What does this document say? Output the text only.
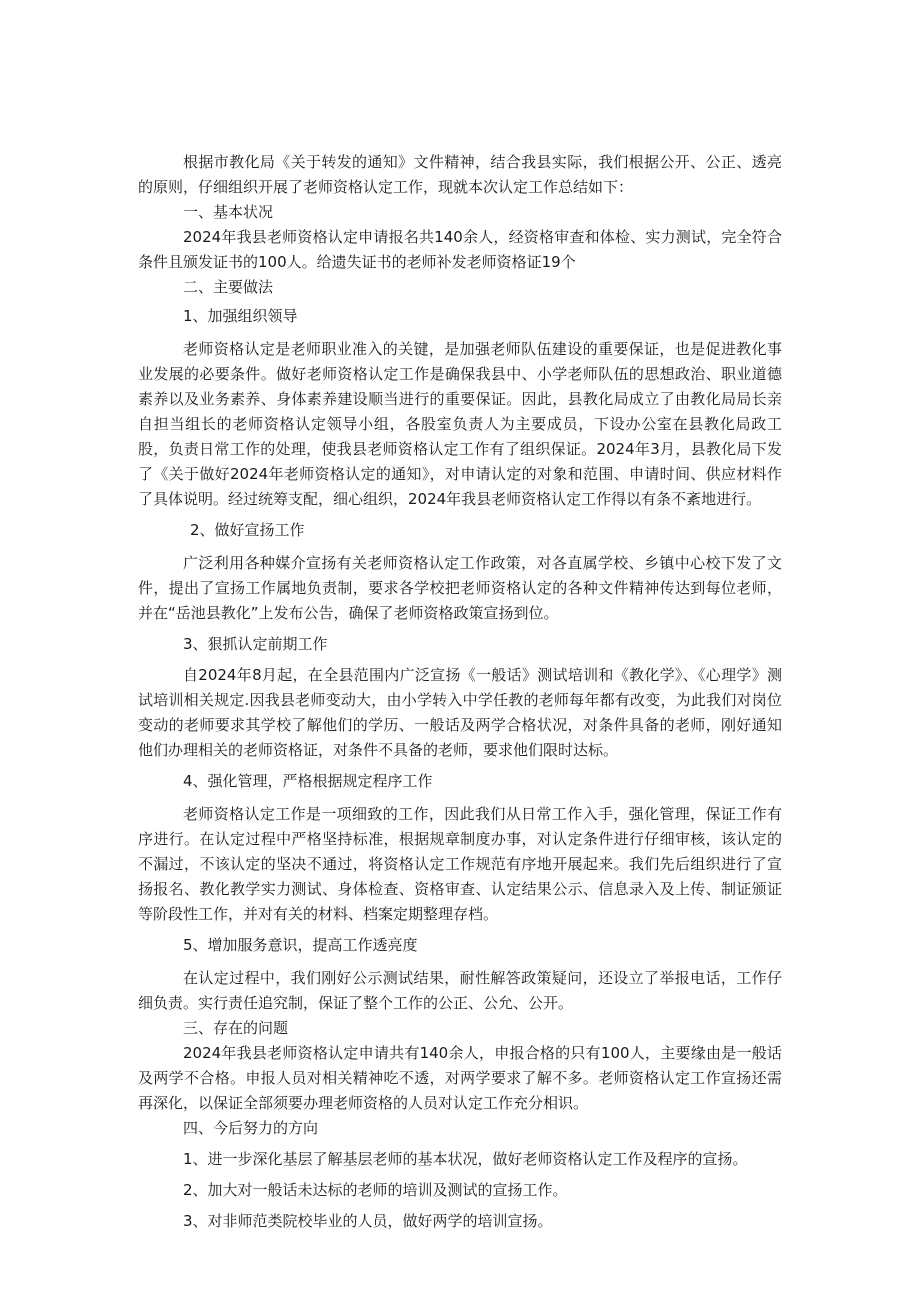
根据市教化局《关于转发的通知》文件精神，结合我县实际，我们根据公开、公正、透亮的原则，仔细组织开展了老师资格认定工作，现就本次认定工作总结如下：

一、基本状况

2024年我县老师资格认定申请报名共140余人，经资格审查和体检、实力测试，完全符合条件且颁发证书的100人。给遗失证书的老师补发老师资格证19个

二、主要做法

1、加强组织领导

老师资格认定是老师职业准入的关键，是加强老师队伍建设的重要保证，也是促进教化事业发展的必要条件。做好老师资格认定工作是确保我县中、小学老师队伍的思想政治、职业道德素养以及业务素养、身体素养建设顺当进行的重要保证。因此，县教化局成立了由教化局局长亲自担当组长的老师资格认定领导小组，各股室负责人为主要成员，下设办公室在县教化局政工股，负责日常工作的处理，使我县老师资格认定工作有了组织保证。2024年3月，县教化局下发了《关于做好2024年老师资格认定的通知》，对申请认定的对象和范围、申请时间、供应材料作了具体说明。经过统筹支配，细心组织，2024年我县老师资格认定工作得以有条不紊地进行。

2、做好宣扬工作

广泛利用各种媒介宣扬有关老师资格认定工作政策，对各直属学校、乡镇中心校下发了文件，提出了宣扬工作属地负责制，要求各学校把老师资格认定的各种文件精神传达到每位老师，并在“岳池县教化”上发布公告，确保了老师资格政策宣扬到位。

3、狠抓认定前期工作

自2024年8月起，在全县范围内广泛宣扬《一般话》测试培训和《教化学》、《心理学》测试培训相关规定.因我县老师变动大，由小学转入中学任教的老师每年都有改变，为此我们对岗位变动的老师要求其学校了解他们的学历、一般话及两学合格状况，对条件具备的老师，刚好通知他们办理相关的老师资格证，对条件不具备的老师，要求他们限时达标。

4、强化管理，严格根据规定程序工作

老师资格认定工作是一项细致的工作，因此我们从日常工作入手，强化管理，保证工作有序进行。在认定过程中严格坚持标准，根据规章制度办事，对认定条件进行仔细审核，该认定的不漏过，不该认定的坚决不通过，将资格认定工作规范有序地开展起来。我们先后组织进行了宣扬报名、教化教学实力测试、身体检查、资格审查、认定结果公示、信息录入及上传、制证颁证等阶段性工作，并对有关的材料、档案定期整理存档。

5、增加服务意识，提高工作透亮度

在认定过程中，我们刚好公示测试结果，耐性解答政策疑问，还设立了举报电话，工作仔细负责。实行责任追究制，保证了整个工作的公正、公允、公开。

三、存在的问题

2024年我县老师资格认定申请共有140余人，申报合格的只有100人，主要缘由是一般话及两学不合格。申报人员对相关精神吃不透，对两学要求了解不多。老师资格认定工作宣扬还需再深化，以保证全部须要办理老师资格的人员对认定工作充分相识。

四、今后努力的方向

1、进一步深化基层了解基层老师的基本状况，做好老师资格认定工作及程序的宣扬。

2、加大对一般话未达标的老师的培训及测试的宣扬工作。

3、对非师范类院校毕业的人员，做好两学的培训宣扬。
